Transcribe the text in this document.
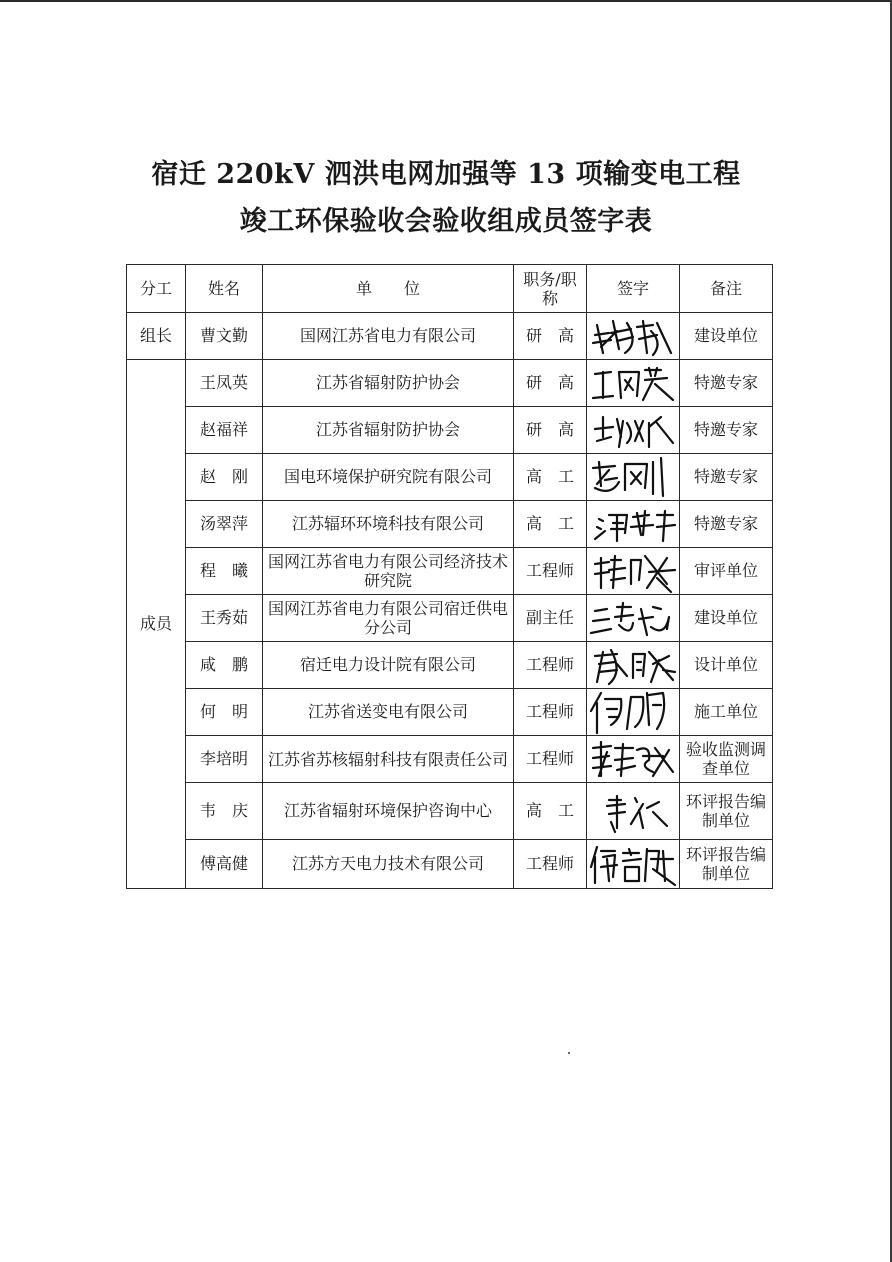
宿迁 220kV 泗洪电网加强等 13 项输变电工程
竣工环保验收会验收组成员签字表
分工	姓名	单　　位	职务/职称	签字	备注
组长	曹文勤	国网江苏省电力有限公司	研　高		建设单位
成员	王凤英	江苏省辐射防护协会	研　高		特邀专家
	赵福祥	江苏省辐射防护协会	研　高		特邀专家
	赵　刚	国电环境保护研究院有限公司	高　工		特邀专家
	汤翠萍	江苏辐环环境科技有限公司	高　工		特邀专家
	程　曦	国网江苏省电力有限公司经济技术研究院	工程师		审评单位
	王秀茹	国网江苏省电力有限公司宿迁供电分公司	副主任		建设单位
	咸　鹏	宿迁电力设计院有限公司	工程师		设计单位
	何　明	江苏省送变电有限公司	工程师		施工单位
	李培明	江苏省苏核辐射科技有限责任公司	工程师		验收监测调查单位
	韦　庆	江苏省辐射环境保护咨询中心	高　工		环评报告编制单位
	傅高健	江苏方天电力技术有限公司	工程师		环评报告编制单位
